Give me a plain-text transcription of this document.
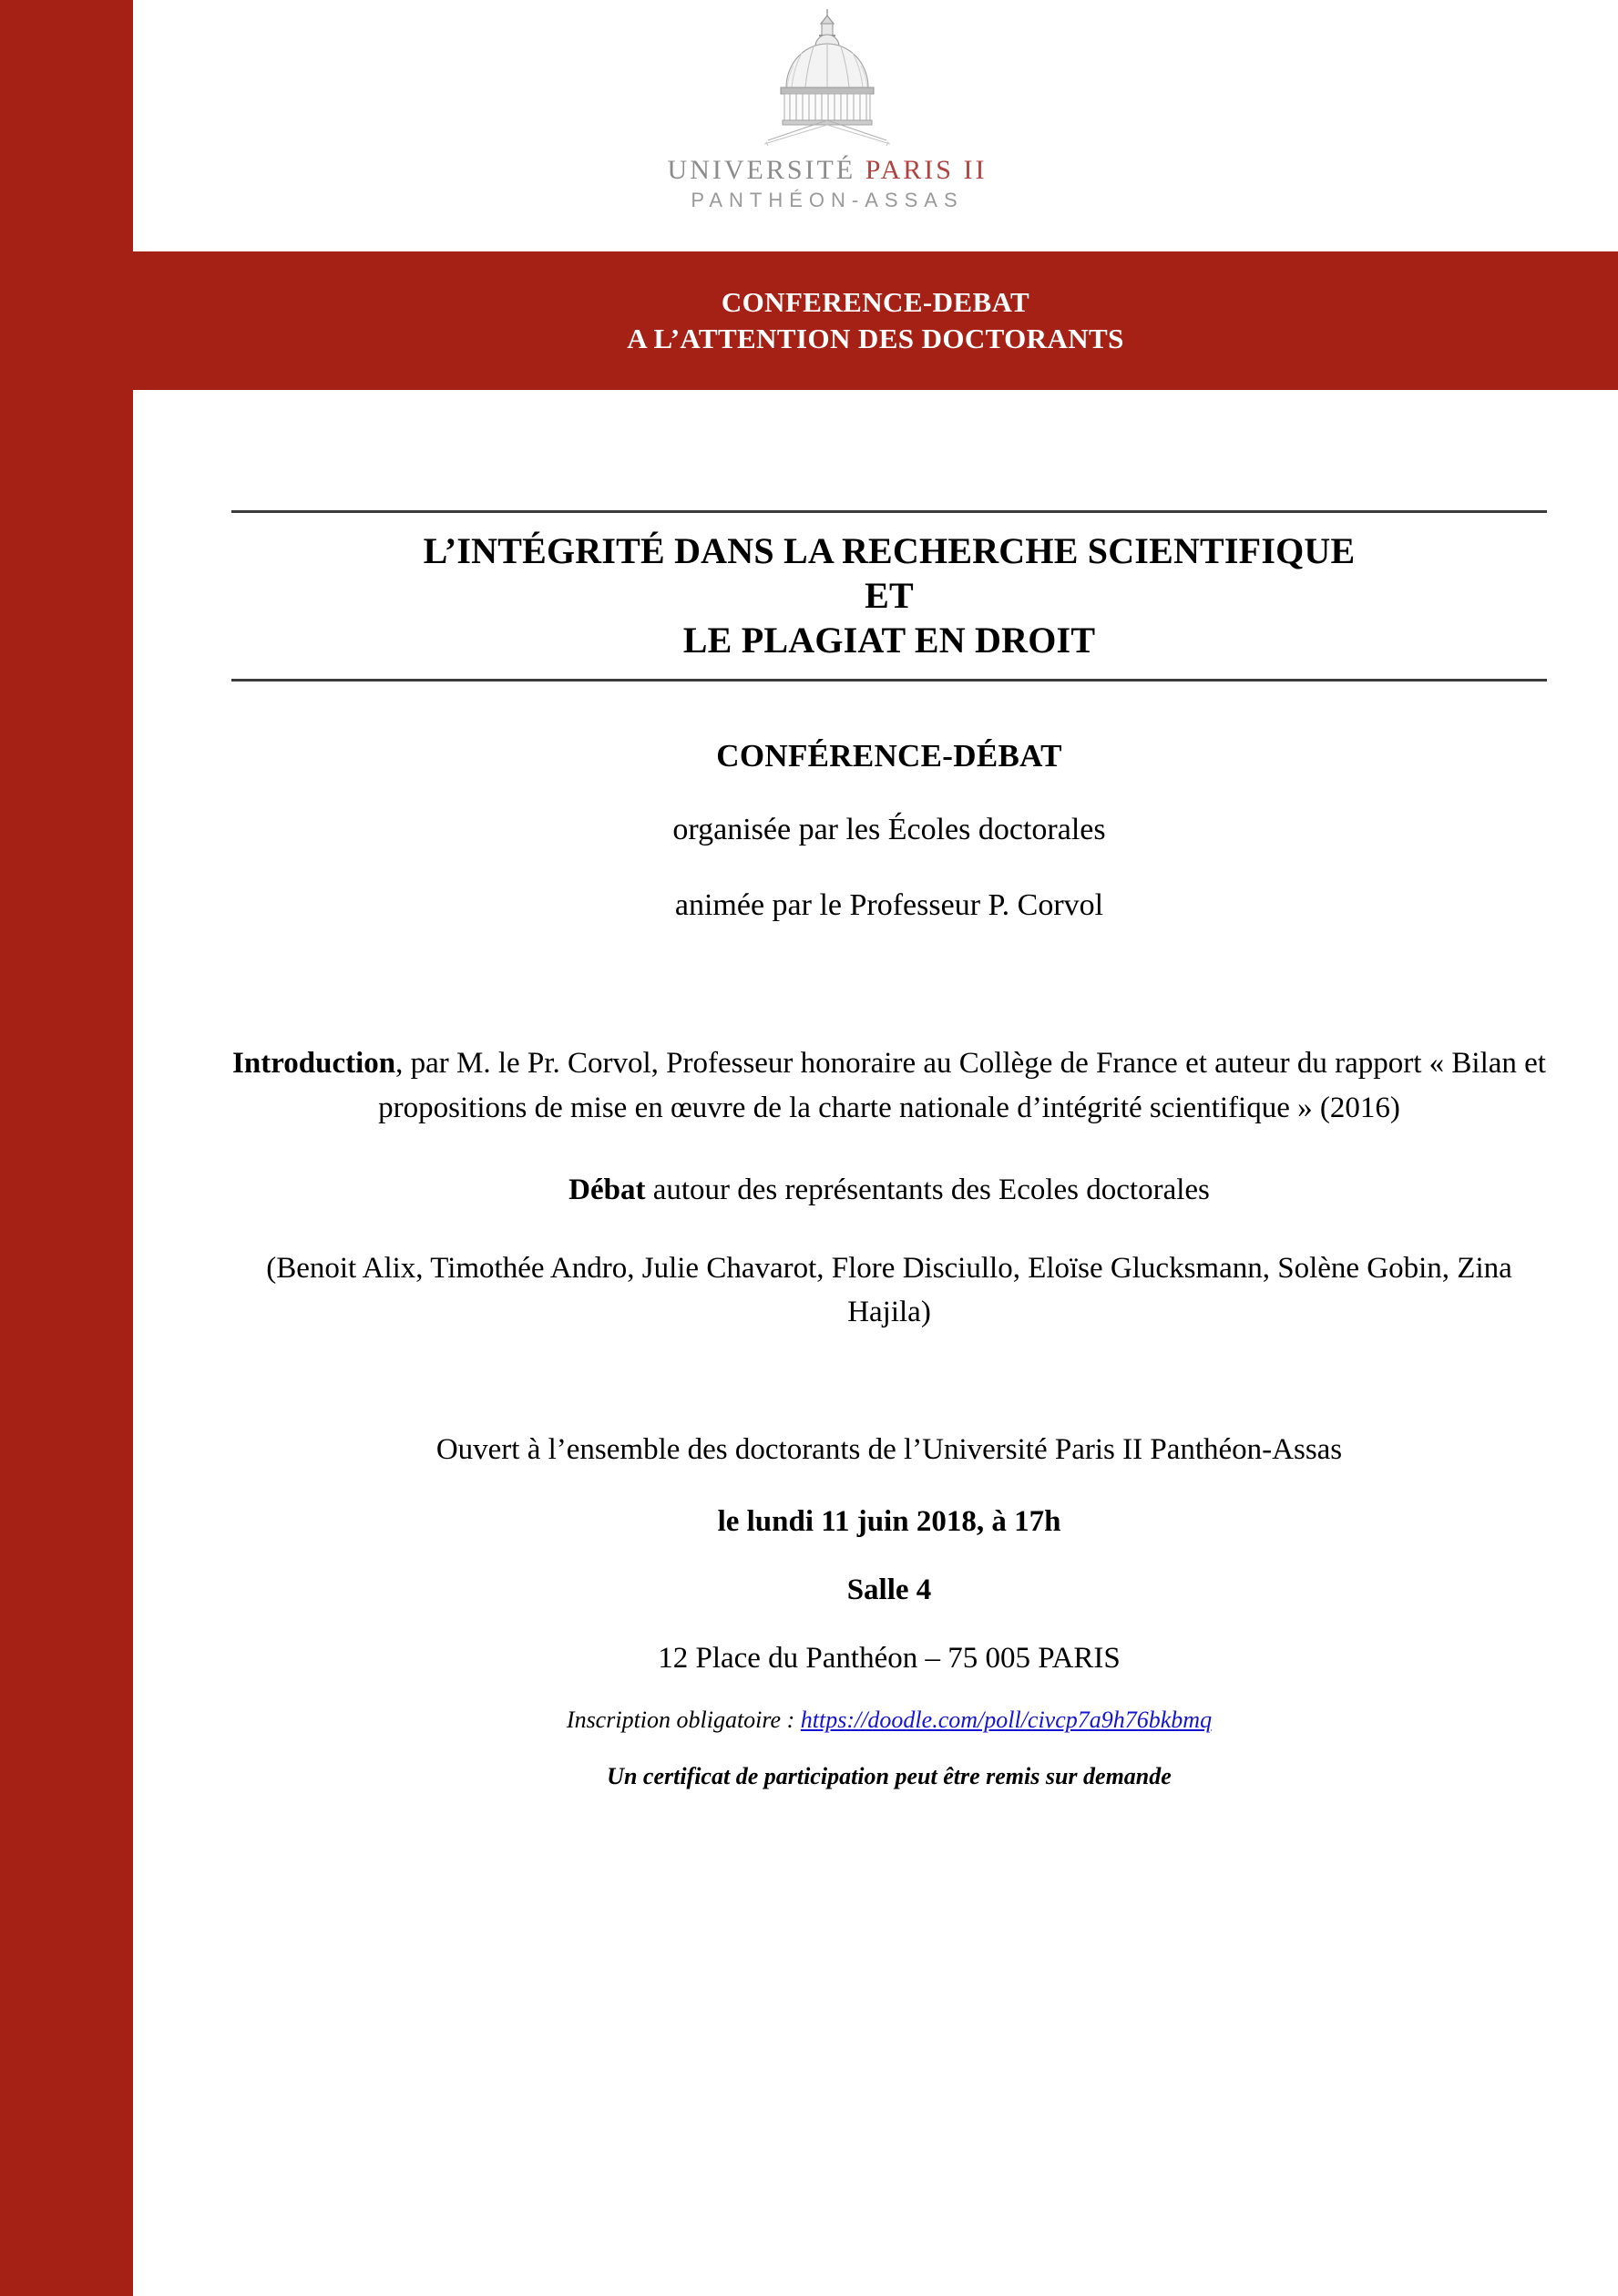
UNIVERSITÉ PARIS II
PANTHÉON-ASSAS
CONFERENCE-DEBAT
A L’ATTENTION DES DOCTORANTS
L’INTÉGRITÉ DANS LA RECHERCHE SCIENTIFIQUE
ET
LE PLAGIAT EN DROIT
CONFÉRENCE-DÉBAT
organisée par les Écoles doctorales
animée par le Professeur P. Corvol
Introduction, par M. le Pr. Corvol, Professeur honoraire au Collège de France et auteur du rapport « Bilan et propositions de mise en œuvre de la charte nationale d’intégrité scientifique » (2016)
Débat autour des représentants des Ecoles doctorales
(Benoit Alix, Timothée Andro, Julie Chavarot, Flore Disciullo, Eloïse Glucksmann, Solène Gobin, Zina Hajila)
Ouvert à l’ensemble des doctorants de l’Université Paris II Panthéon-Assas
le lundi 11 juin 2018, à 17h
Salle 4
12 Place du Panthéon – 75 005 PARIS
Inscription obligatoire : https://doodle.com/poll/civcp7a9h76bkbmq
Un certificat de participation peut être remis sur demande
